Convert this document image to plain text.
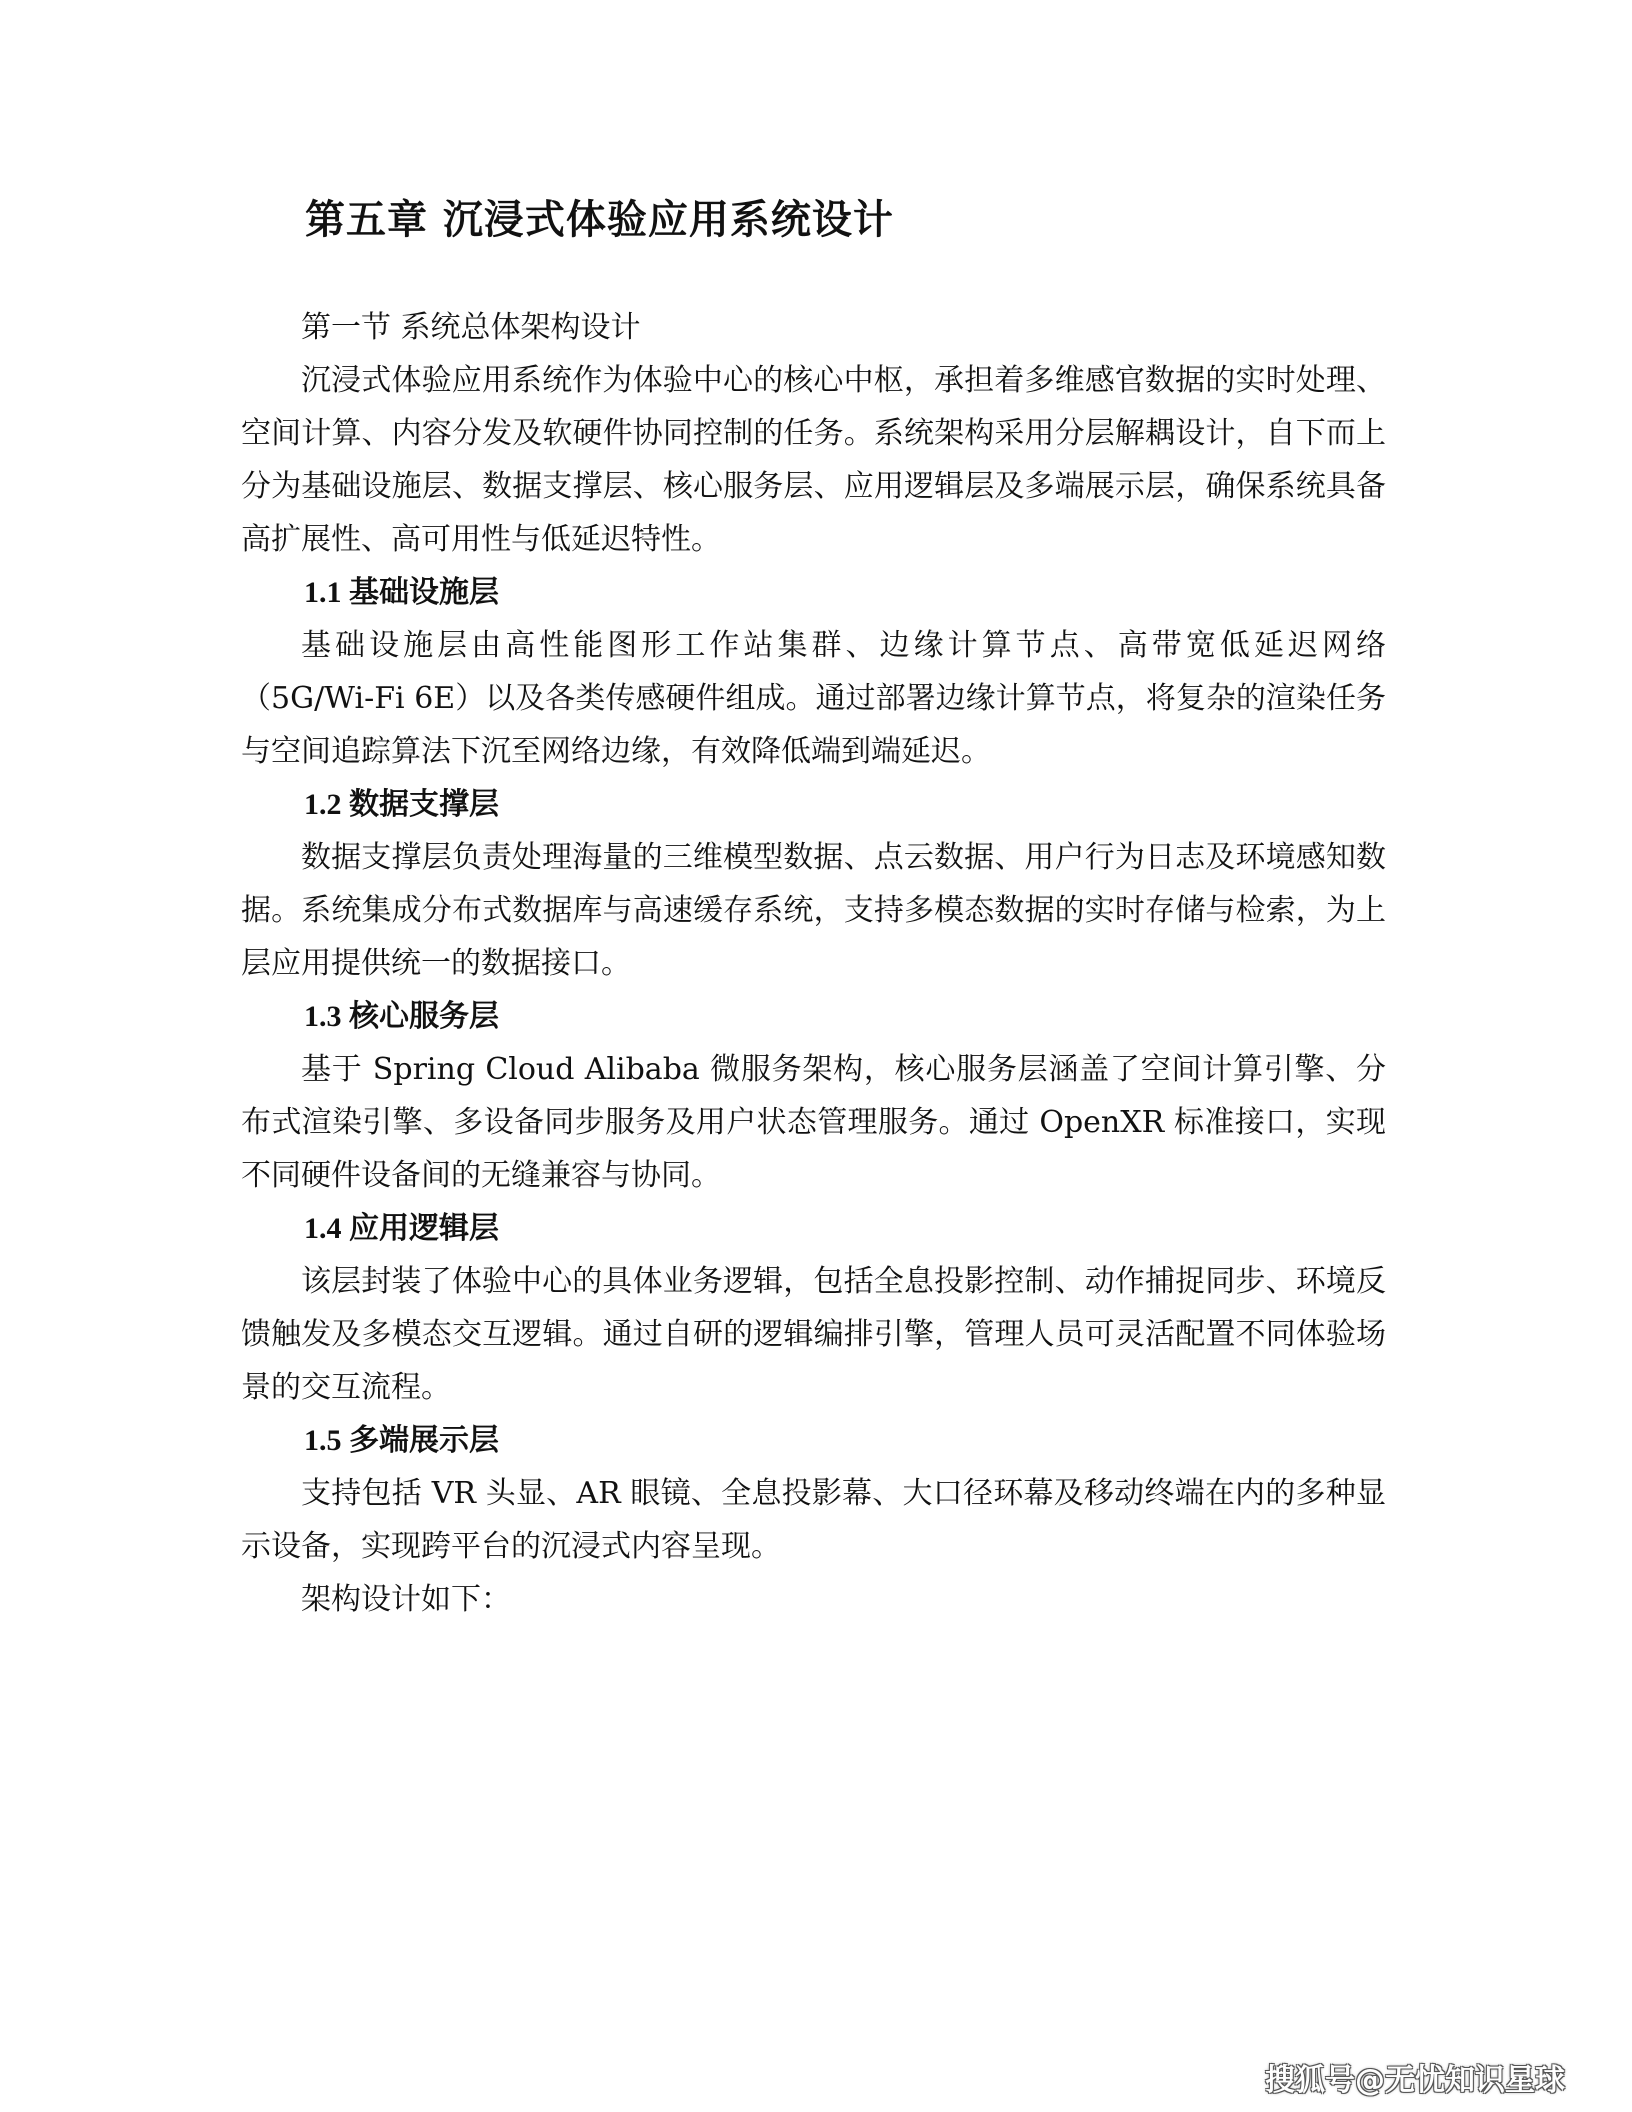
第五章 沉浸式体验应用系统设计

第一节 系统总体架构设计

沉浸式体验应用系统作为体验中心的核心中枢，承担着多维感官数据的实时处理、空间计算、内容分发及软硬件协同控制的任务。系统架构采用分层解耦设计，自下而上分为基础设施层、数据支撑层、核心服务层、应用逻辑层及多端展示层，确保系统具备高扩展性、高可用性与低延迟特性。

1.1 基础设施层

基础设施层由高性能图形工作站集群、边缘计算节点、高带宽低延迟网络（5G/Wi-Fi 6E）以及各类传感硬件组成。通过部署边缘计算节点，将复杂的渲染任务与空间追踪算法下沉至网络边缘，有效降低端到端延迟。

1.2 数据支撑层

数据支撑层负责处理海量的三维模型数据、点云数据、用户行为日志及环境感知数据。系统集成分布式数据库与高速缓存系统，支持多模态数据的实时存储与检索，为上层应用提供统一的数据接口。

1.3 核心服务层

基于 Spring Cloud Alibaba 微服务架构，核心服务层涵盖了空间计算引擎、分布式渲染引擎、多设备同步服务及用户状态管理服务。通过 OpenXR 标准接口，实现不同硬件设备间的无缝兼容与协同。

1.4 应用逻辑层

该层封装了体验中心的具体业务逻辑，包括全息投影控制、动作捕捉同步、环境反馈触发及多模态交互逻辑。通过自研的逻辑编排引擎，管理人员可灵活配置不同体验场景的交互流程。

1.5 多端展示层

支持包括 VR 头显、AR 眼镜、全息投影幕、大口径环幕及移动终端在内的多种显示设备，实现跨平台的沉浸式内容呈现。

架构设计如下：

搜狐号@无忧知识星球
